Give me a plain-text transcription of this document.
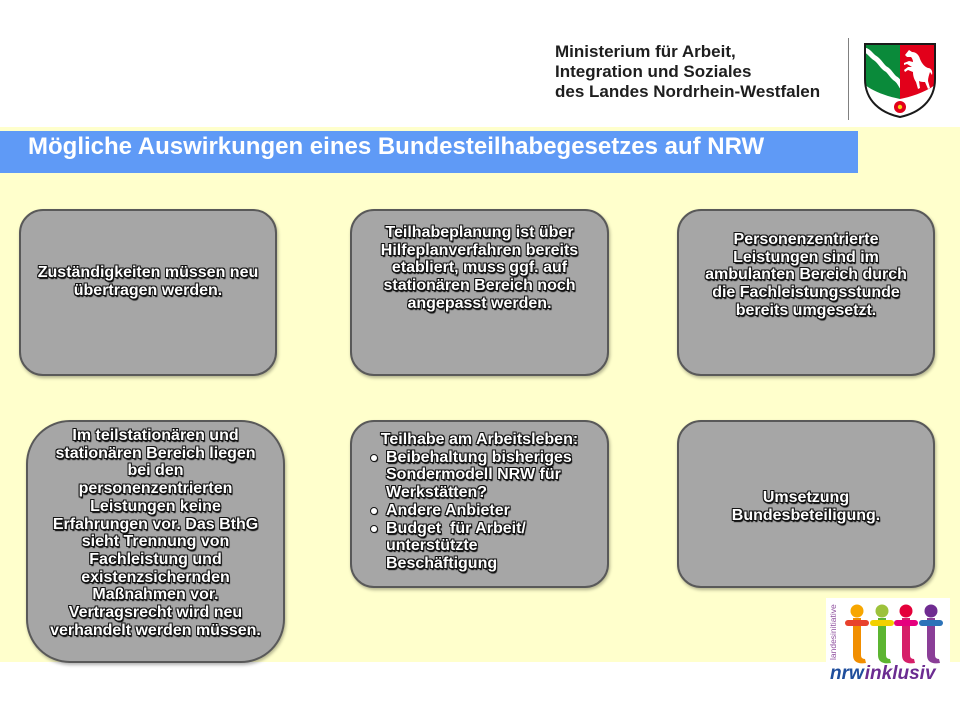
Ministerium für Arbeit,
Integration und Soziales
des Landes Nordrhein-Westfalen
Mögliche Auswirkungen eines Bundesteilhabegesetzes auf NRW
Zuständigkeiten müssen neu
übertragen werden.
Teilhabeplanung ist über
Hilfeplanverfahren bereits
etabliert, muss ggf. auf
stationären Bereich noch
angepasst werden.
Personenzentrierte
Leistungen sind im
ambulanten Bereich durch
die Fachleistungsstunde
bereits umgesetzt.
Im teilstationären und
stationären Bereich liegen
bei den
personenzentrierten
Leistungen keine
Erfahrungen vor. Das BthG
sieht Trennung von
Fachleistung und
existenzsichernden
Maßnahmen vor.
Vertragsrecht wird neu
verhandelt werden müssen.
Teilhabe am Arbeitsleben:
Beibehaltung bisheriges
Sondermodell NRW für
Werkstätten?
Andere Anbieter
Budget  für Arbeit/
unterstützte
Beschäftigung
Umsetzung
Bundesbeteiligung.
landesinitiative
nrwinklusiv
